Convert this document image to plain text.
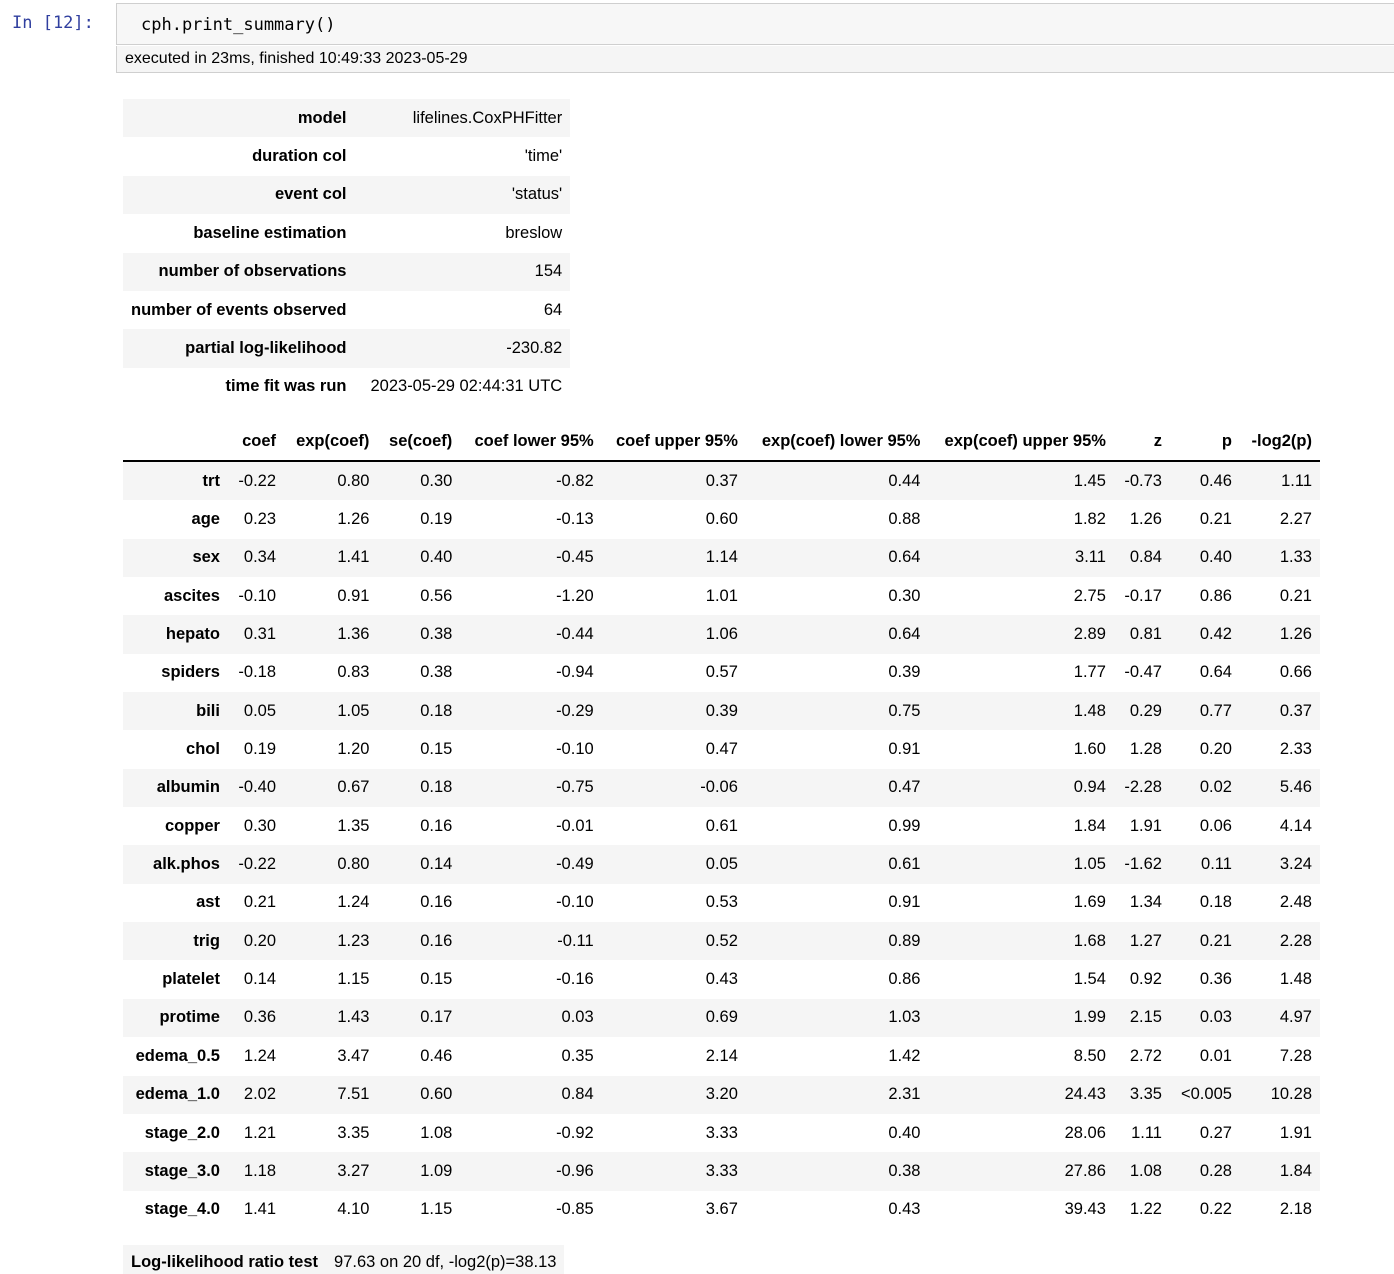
In [12]:	cph.print_summary()
executed in 23ms, finished 10:49:33 2023-05-29
model	lifelines.CoxPHFitter
duration col	'time'
event col	'status'
baseline estimation	breslow
number of observations	154
number of events observed	64
partial log-likelihood	-230.82
time fit was run	2023-05-29 02:44:31 UTC
	coef	exp(coef)	se(coef)	coef lower 95%	coef upper 95%	exp(coef) lower 95%	exp(coef) upper 95%	z	p	-log2(p)
trt	-0.22	0.80	0.30	-0.82	0.37	0.44	1.45	-0.73	0.46	1.11
age	0.23	1.26	0.19	-0.13	0.60	0.88	1.82	1.26	0.21	2.27
sex	0.34	1.41	0.40	-0.45	1.14	0.64	3.11	0.84	0.40	1.33
ascites	-0.10	0.91	0.56	-1.20	1.01	0.30	2.75	-0.17	0.86	0.21
hepato	0.31	1.36	0.38	-0.44	1.06	0.64	2.89	0.81	0.42	1.26
spiders	-0.18	0.83	0.38	-0.94	0.57	0.39	1.77	-0.47	0.64	0.66
bili	0.05	1.05	0.18	-0.29	0.39	0.75	1.48	0.29	0.77	0.37
chol	0.19	1.20	0.15	-0.10	0.47	0.91	1.60	1.28	0.20	2.33
albumin	-0.40	0.67	0.18	-0.75	-0.06	0.47	0.94	-2.28	0.02	5.46
copper	0.30	1.35	0.16	-0.01	0.61	0.99	1.84	1.91	0.06	4.14
alk.phos	-0.22	0.80	0.14	-0.49	0.05	0.61	1.05	-1.62	0.11	3.24
ast	0.21	1.24	0.16	-0.10	0.53	0.91	1.69	1.34	0.18	2.48
trig	0.20	1.23	0.16	-0.11	0.52	0.89	1.68	1.27	0.21	2.28
platelet	0.14	1.15	0.15	-0.16	0.43	0.86	1.54	0.92	0.36	1.48
protime	0.36	1.43	0.17	0.03	0.69	1.03	1.99	2.15	0.03	4.97
edema_0.5	1.24	3.47	0.46	0.35	2.14	1.42	8.50	2.72	0.01	7.28
edema_1.0	2.02	7.51	0.60	0.84	3.20	2.31	24.43	3.35	<0.005	10.28
stage_2.0	1.21	3.35	1.08	-0.92	3.33	0.40	28.06	1.11	0.27	1.91
stage_3.0	1.18	3.27	1.09	-0.96	3.33	0.38	27.86	1.08	0.28	1.84
stage_4.0	1.41	4.10	1.15	-0.85	3.67	0.43	39.43	1.22	0.22	2.18
Log-likelihood ratio test	97.63 on 20 df, -log2(p)=38.13
